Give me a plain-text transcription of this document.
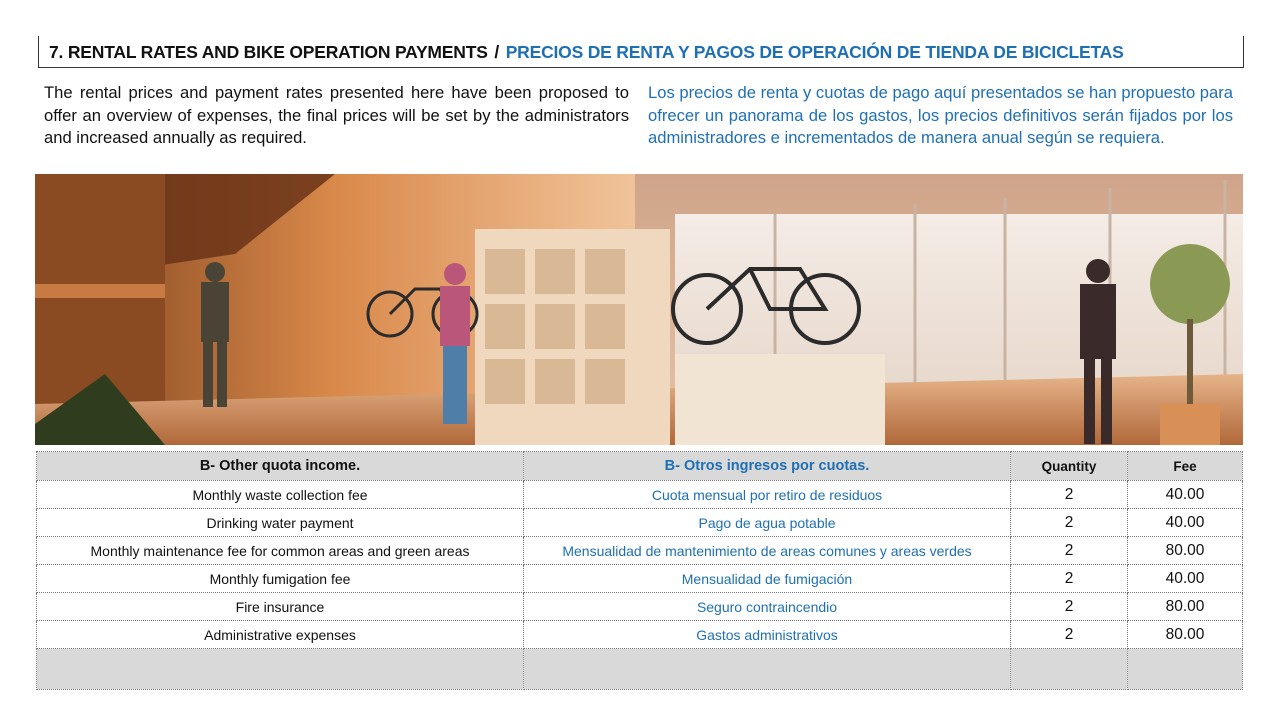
7. RENTAL RATES AND BIKE OPERATION PAYMENTS / PRECIOS DE RENTA Y PAGOS DE OPERACIÓN DE TIENDA DE BICICLETAS

The rental prices and payment rates presented here have been proposed to offer an overview of expenses, the final prices will be set by the administrators and increased annually as required.

Los precios de renta y cuotas de pago aquí presentados se han propuesto para ofrecer un panorama de los gastos, los precios definitivos serán fijados por los administradores e incrementados de manera anual según se requiera.

B- Other quota income.	B- Otros ingresos por cuotas.	Quantity	Fee
Monthly waste collection fee	Cuota mensual por retiro de residuos	2	40.00
Drinking water payment	Pago de agua potable	2	40.00
Monthly maintenance fee for common areas and green areas	Mensualidad de mantenimiento de areas comunes y areas verdes	2	80.00
Monthly fumigation fee	Mensualidad de fumigación	2	40.00
Fire insurance	Seguro contraincendio	2	80.00
Administrative expenses	Gastos administrativos	2	80.00
